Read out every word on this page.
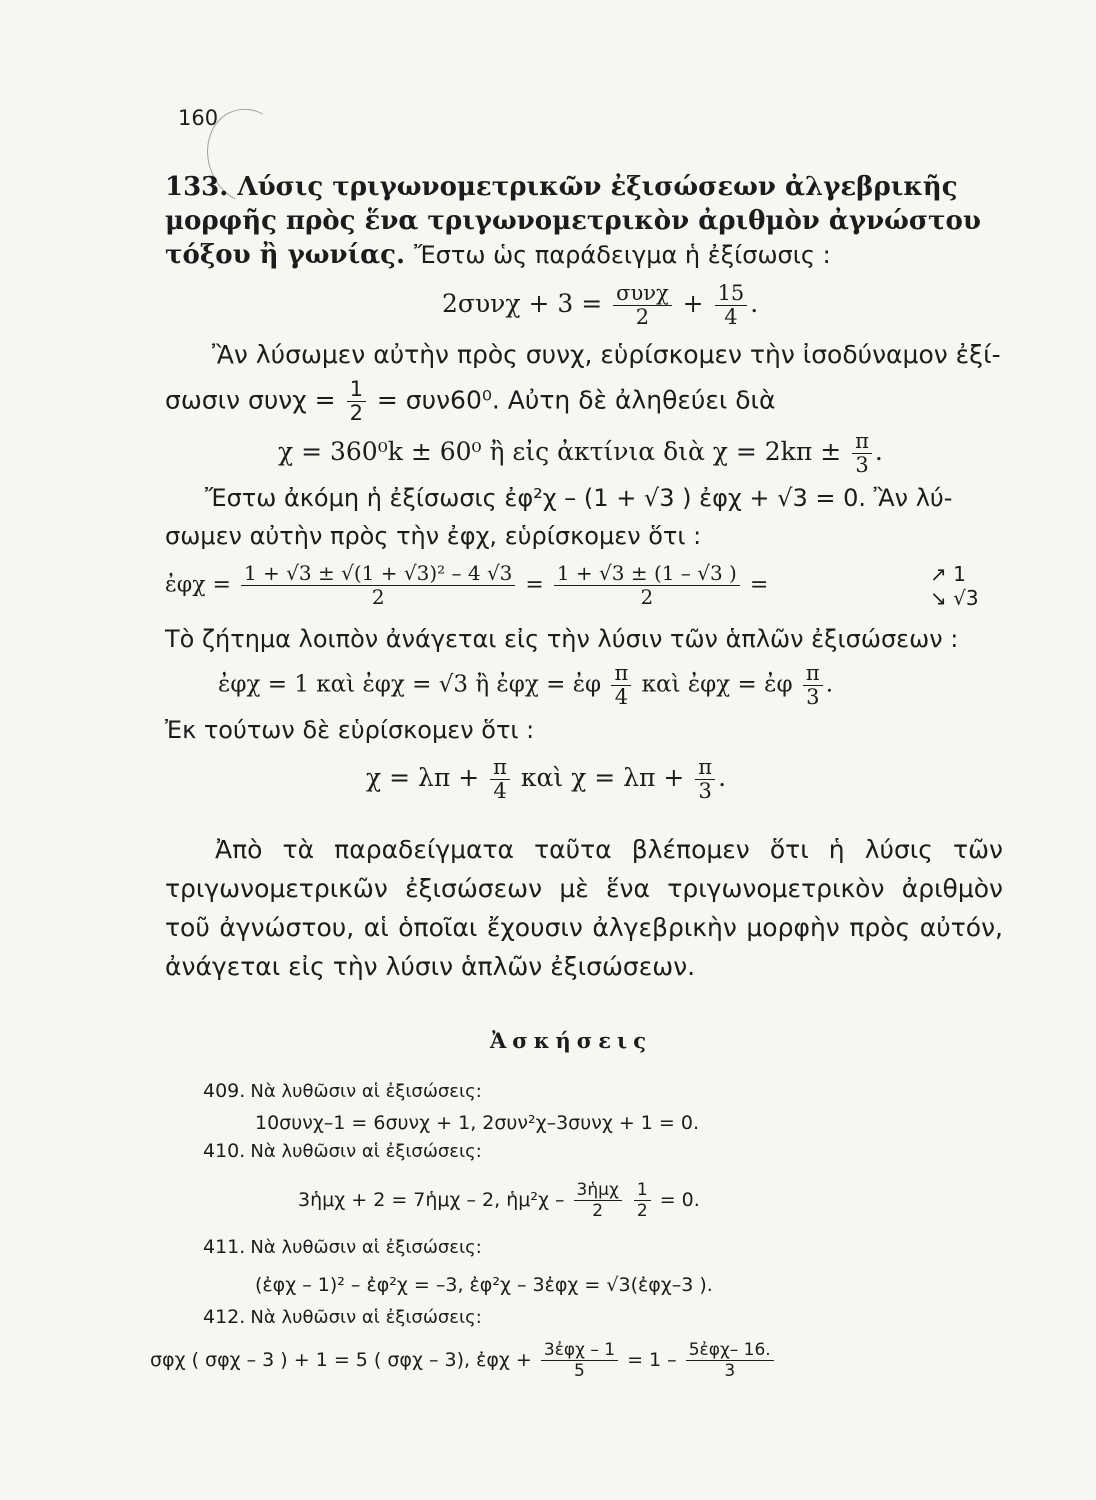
160
133. Λύσις τριγωνομετρικῶν ἐξισώσεων ἀλγεβρικῆς μορφῆς πρὸς ἕνα τριγωνομετρικὸν ἀριθμὸν ἀγνώστου τόξου ἢ γωνίας. Ἔστω ὡς παράδειγμα ἡ ἐξίσωσις :
$2\sigma\upsilon\nu\chi + 3 = \frac{\text{συνχ}}{2} + \frac{15}{4}$ .
Ἂν λύσωμεν αὐτὴν πρὸς συνχ, εὑρίσκομεν τὴν ἰσοδύναμον ἐξί-
σωσιν $\sigma\upsilon\nu\chi = \frac{1}{2} = \sigma\upsilon\nu 60^0$. Αὐτη δὲ ἀληθεύει διὰ
χ = 360⁰k ± 60⁰ ἢ εἰς ἀκτίνια διὰ $\chi = 2k\pi \pm \frac{\pi}{3}$ .
Ἔστω ἀκόμη ἡ ἐξίσωσις ἐφ²χ – (1 + √3 ) ἐφχ + √3 = 0. Ἂν λύ-
σωμεν αὐτὴν πρὸς τὴν ἐφχ, εὑρίσκομεν ὅτι :
ἐφχ = $\frac{\text{1 + √3 ± √(1 + √3)² – 4 √3}}{2} = \frac{1 + √3 \pm (1 - √3 )}{2}$ =	↗ 1
↘ √3
Τὸ ζήτημα λοιπὸν ἀνάγεται εἰς τὴν λύσιν τῶν ἁπλῶν ἐξισώσεων :
ἐφχ = 1 καὶ ἐφχ = √3 ἢ ἐφχ = ἐφ $\frac{\pi}{4}$ καὶ ἐφχ = ἐφ $\frac{\pi}{3}$ .
Ἐκ τούτων δὲ εὑρίσκομεν ὅτι :
$\chi = \lambda\pi + \frac{\pi}{4}$ καὶ $\chi = \lambda\pi + \frac{\pi}{3}$ .
Ἀπὸ τὰ παραδείγματα ταῦτα βλέπομεν ὅτι ἡ λύσις τῶν τριγωνομετρικῶν ἐξισώσεων μὲ ἕνα τριγωνομετρικὸν ἀριθμὸν τοῦ ἀγνώστου, αἱ ὁποῖαι ἔχουσιν ἀλγεβρικὴν μορφὴν πρὸς αὐτόν, ἀνάγεται εἰς τὴν λύσιν ἁπλῶν ἐξισώσεων.
Ἀσκήσεις
409. Νὰ λυθῶσιν αἱ ἐξισώσεις:
10συνχ–1 = 6συνχ + 1, 2συν²χ–3συνχ + 1 = 0.
410. Νὰ λυθῶσιν αἱ ἐξισώσεις:
3ἡμχ + 2 = 7ἡμχ – 2, ἡμ²χ – $\frac{\text{3ἡμχ}}{2}$
$\frac{1}{2} = 0$.
411. Νὰ λυθῶσιν αἱ ἐξισώσεις:
(ἐφχ – 1)² – ἐφ²χ = –3, ἐφ²χ – 3ἐφχ = √3(ἐφχ–3 ).
412. Νὰ λυθῶσιν αἱ ἐξισώσεις:
σφχ ( σφχ – 3 ) + 1 = 5 ( σφχ – 3), ἐφχ + $\frac{\text{3ἐφχ – 1}}{5} = 1 - \frac{\text{5ἐφχ– 16.}}{3}$
